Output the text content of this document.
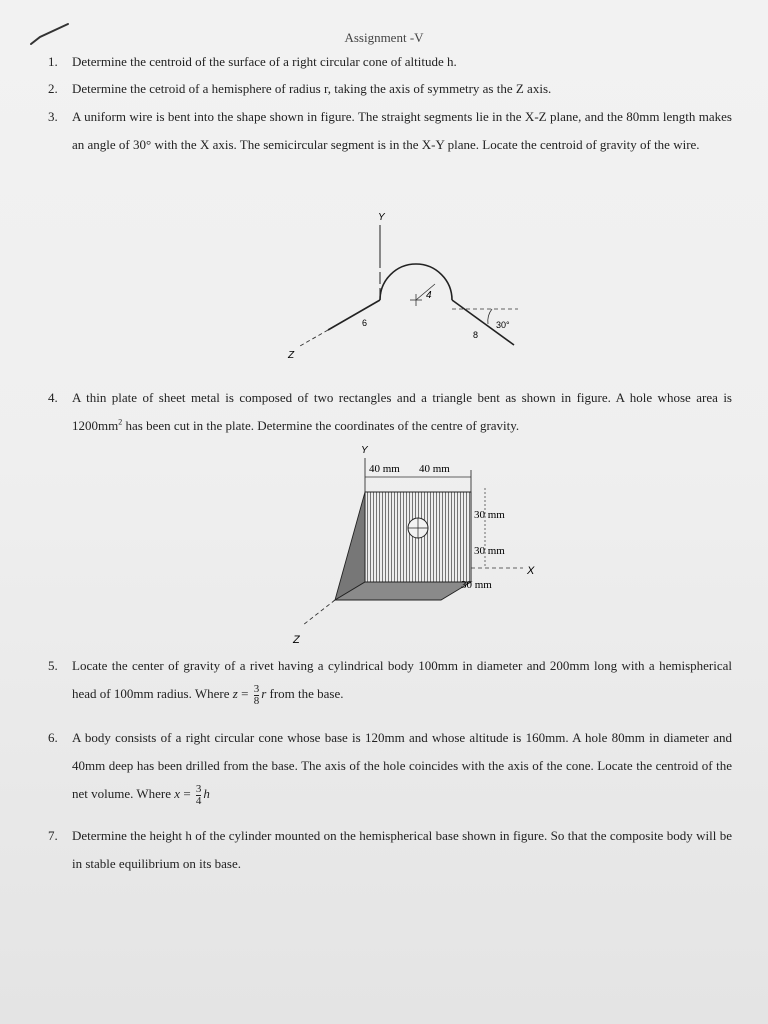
Assignment -V
1.	Determine the centroid of the surface of a right circular cone of altitude h.
2.	Determine the cetroid of a hemisphere of radius r, taking the axis of symmetry as the Z axis.
3.	A uniform wire is bent into the shape shown in figure. The straight segments lie in the X-Z plane, and the 80mm length makes an angle of 30° with the X axis. The semicircular segment is in the X-Y plane. Locate the centroid of gravity of the wire.
Y
4
6
8
30°
Z
4.	A thin plate of sheet metal is composed of two rectangles and a triangle bent as shown in figure. A hole whose area is $1200mm^2$ has been cut in the plate. Determine the coordinates of the centre of gravity.
Y
40 mm 40 mm
30 mm
30 mm
X
30 mm
Z
5.	Locate the center of gravity of a rivet having a cylindrical body 100mm in diameter and 200mm long with a hemispherical head of 100mm radius. Where $z = \frac{3}{8}$ r from the base.
6.	A body consists of a right circular cone whose base is 120mm and whose altitude is 160mm. A hole 80mm in diameter and 40mm deep has been drilled from the base. The axis of the hole coincides with the axis of the cone. Locate the centroid of the net volume. Where $x = \frac{3}{4}$ h
7.	Determine the height h of the cylinder mounted on the hemispherical base shown in figure. So that the composite body will be in stable equilibrium on its base.
